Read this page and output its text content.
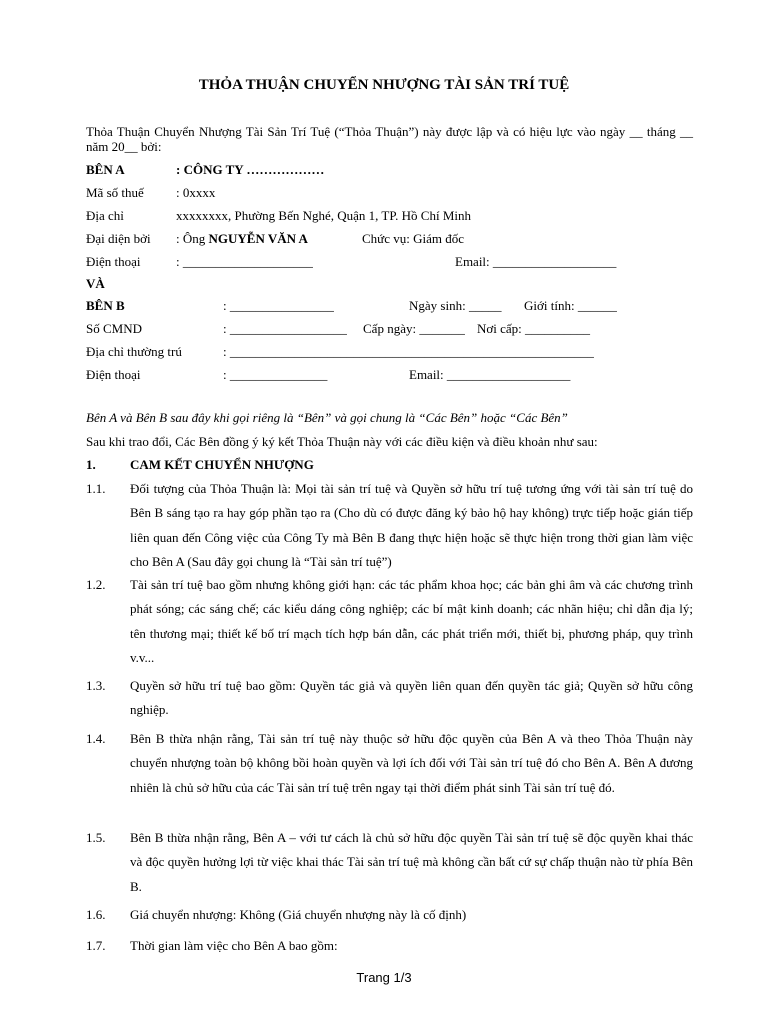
THỎA THUẬN CHUYỂN NHƯỢNG TÀI SẢN TRÍ TUỆ
Thỏa Thuận Chuyển Nhượng Tài Sản Trí Tuệ (“Thỏa Thuận”) này được lập và có hiệu lực vào ngày __ tháng __ năm 20__ bởi:
BÊN A	: CÔNG TY ………………
Mã số thuế : 0xxxx
Địa chỉ	xxxxxxxx, Phường Bến Nghé, Quận 1, TP. Hồ Chí Minh
Đại diện bởi : Ông NGUYỄN VĂN A	Chức vụ: Giám đốc
Điện thoại	: ____________________	Email: ___________________
VÀ
BÊN B	: ________________	Ngày sinh: _____ Giới tính: ______
Số CMND	: __________________ Cấp ngày: _______ Nơi cấp: __________
Địa chỉ thường trú	: ________________________________________________________
Điện thoại	: _______________	Email: ___________________
Bên A và Bên B sau đây khi gọi riêng là “Bên” và gọi chung là “Các Bên” hoặc “Các Bên”
Sau khi trao đổi, Các Bên đồng ý ký kết Thỏa Thuận này với các điều kiện và điều khoản như sau:
1.	CAM KẾT CHUYỂN NHƯỢNG
1.1. Đối tượng của Thỏa Thuận là: Mọi tài sản trí tuệ và Quyền sở hữu trí tuệ tương ứng với tài sản trí tuệ do Bên B sáng tạo ra hay góp phần tạo ra (Cho dù có được đăng ký bảo hộ hay không) trực tiếp hoặc gián tiếp liên quan đến Công việc của Công Ty mà Bên B đang thực hiện hoặc sẽ thực hiện trong thời gian làm việc cho Bên A (Sau đây gọi chung là “Tài sản trí tuệ”)
1.2. Tài sản trí tuệ bao gồm nhưng không giới hạn: các tác phẩm khoa học; các bản ghi âm và các chương trình phát sóng; các sáng chế; các kiểu dáng công nghiệp; các bí mật kinh doanh; các nhãn hiệu; chỉ dẫn địa lý; tên thương mại; thiết kế bố trí mạch tích hợp bán dẫn, các phát triển mới, thiết bị, phương pháp, quy trình v.v...
1.3. Quyền sở hữu trí tuệ bao gồm: Quyền tác giả và quyền liên quan đến quyền tác giả; Quyền sở hữu công nghiệp.
1.4. Bên B thừa nhận rằng, Tài sản trí tuệ này thuộc sở hữu độc quyền của Bên A và theo Thỏa Thuận này chuyển nhượng toàn bộ không bồi hoàn quyền và lợi ích đối với Tài sản trí tuệ đó cho Bên A. Bên A đương nhiên là chủ sở hữu của các Tài sản trí tuệ trên ngay tại thời điểm phát sinh Tài sản trí tuệ đó.
1.5. Bên B thừa nhận rằng, Bên A – với tư cách là chủ sở hữu độc quyền Tài sản trí tuệ sẽ độc quyền khai thác và độc quyền hưởng lợi từ việc khai thác Tài sản trí tuệ mà không cần bất cứ sự chấp thuận nào từ phía Bên B.
1.6. Giá chuyển nhượng: Không (Giá chuyển nhượng này là cố định)
1.7. Thời gian làm việc cho Bên A bao gồm:
Trang 1/3
